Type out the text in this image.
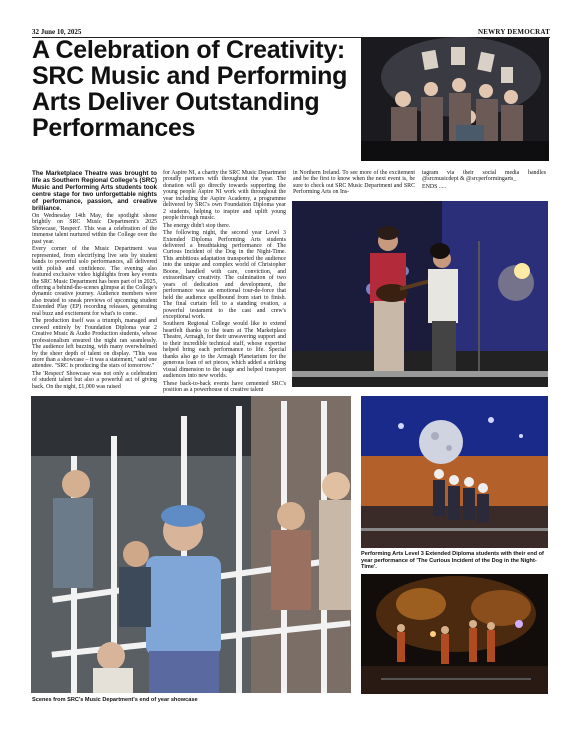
32 June 10, 2025	NEWRY DEMOCRAT
A Celebration of Creativity: SRC Music and Performing Arts Deliver Outstanding Performances

The Marketplace Theatre was brought to life as Southern Regional College's (SRC) Music and Performing Arts students took centre stage for two unforgettable nights of performance, passion, and creative brilliance.

On Wednesday 14th May, the spotlight shone brightly on SRC Music Department's 2025 Showcase, 'Respect'. This was a celebration of the immense talent nurtured within the College over the past year.

Every corner of the Music Department was represented, from electrifying live sets by student bands to powerful solo performances, all delivered with polish and confidence. The evening also featured exclusive video highlights from key events the SRC Music Department has been part of in 2025, offering a behind-the-scenes glimpse at the College's dynamic creative journey. Audience members were also treated to sneak previews of upcoming student Extended Play (EP) recording releases, generating real buzz and excitement for what's to come.

The production itself was a triumph, managed and crewed entirely by Foundation Diploma year 2 Creative Music & Audio Production students, whose professionalism ensured the night ran seamlessly. The audience left buzzing, with many overwhelmed by the sheer depth of talent on display. "This was more than a showcase – it was a statement," said one attendee. "SRC is producing the stars of tomorrow."

The 'Respect' Showcase was not only a celebration of student talent but also a powerful act of giving back. On the night, £1,000 was raised

for Aspire NI, a charity the SRC Music Department proudly partners with throughout the year. The donation will go directly towards supporting the young people Aspire NI work with throughout the year including the Aspire Academy, a programme delivered by SRC's own Foundation Diploma year 2 students, helping to inspire and uplift young people through music.

The energy didn't stop there.

The following night, the second year Level 3 Extended Diploma Performing Arts students delivered a breathtaking performance of The Curious Incident of the Dog in the Night-Time. This ambitious adaptation transported the audience into the unique and complex world of Christopher Boone, handled with care, conviction, and extraordinary creativity. The culmination of two years of dedication and development, the performance was an emotional tour-de-force that held the audience spellbound from start to finish. The final curtain fell to a standing ovation, a powerful testament to the cast and crew's exceptional work.

Southern Regional College would like to extend heartfelt thanks to the team at The Marketplace Theatre, Armagh, for their unwavering support and to their incredible technical staff, whose expertise helped bring each performance to life. Special thanks also go to the Armagh Planetarium for the generous loan of set pieces, which added a striking visual dimension to the stage and helped transport audiences into new worlds.

These back-to-back events have cemented SRC's position as a powerhouse of creative talent

in Northern Ireland. To see more of the excitement and be the first to know when the next event is, be sure to check out SRC Music Department and SRC Performing Arts on Ins-

tagram via their social media handles @srcmusicdept & @srcperformingarts_

ENDS .....

Scenes from SRC's Music Department's end of year showcase
Performing Arts Level 3 Extended Diploma students with their end of year performance of 'The Curious Incident of the Dog in the Night-Time'.
